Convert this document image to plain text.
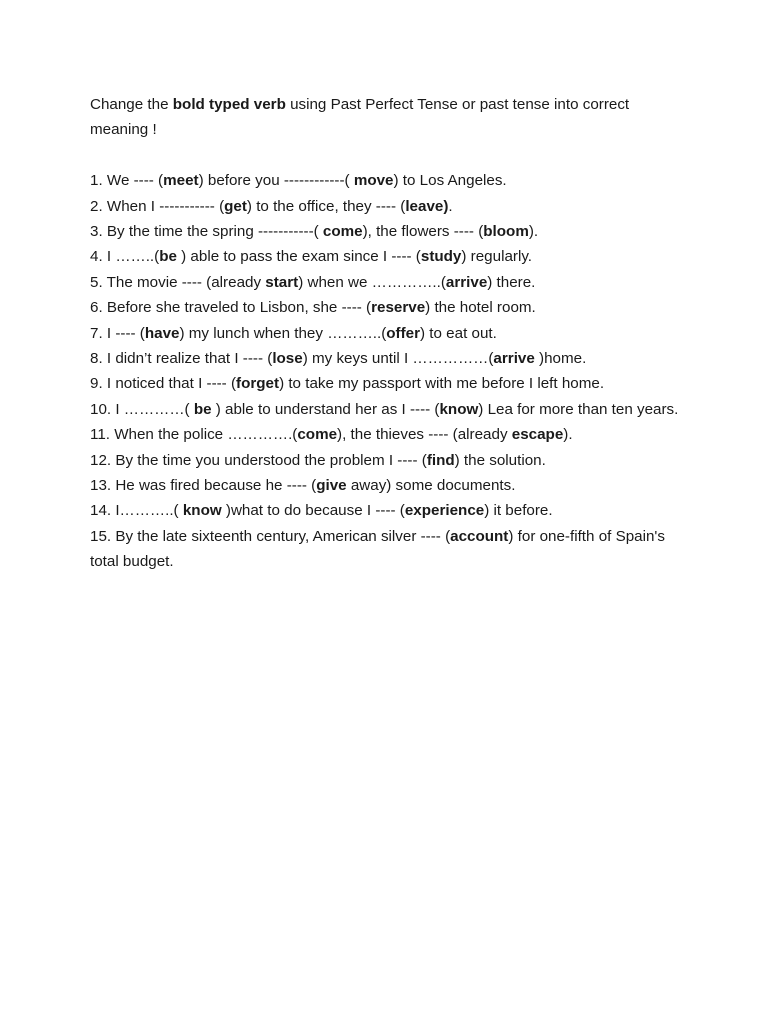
Change the bold typed verb using Past Perfect Tense or past tense into correct meaning !

1. We ---- (meet) before you ------------( move) to Los Angeles.
2. When I ----------- (get) to the office, they ---- (leave).
3. By the time the spring -----------( come), the flowers ---- (bloom).
4. I ……..(be ) able to pass the exam since I ---- (study) regularly.
5. The movie ---- (already start) when we …………..(arrive) there.
6. Before she traveled to Lisbon, she ---- (reserve) the hotel room.
7. I ---- (have) my lunch when they ………..(offer) to eat out.
8. I didn’t realize that I ---- (lose) my keys until I ……………(arrive )home.
9. I noticed that I ---- (forget) to take my passport with me before I left home.
10. I …………( be ) able to understand her as I ---- (know) Lea for more than ten years.
11. When the police ………….(come), the thieves ---- (already escape).
12. By the time you understood the problem I ---- (find) the solution.
13. He was fired because he ---- (give away) some documents.
14. I………..( know )what to do because I ---- (experience) it before.
15. By the late sixteenth century, American silver ---- (account) for one-fifth of Spain's total budget.
